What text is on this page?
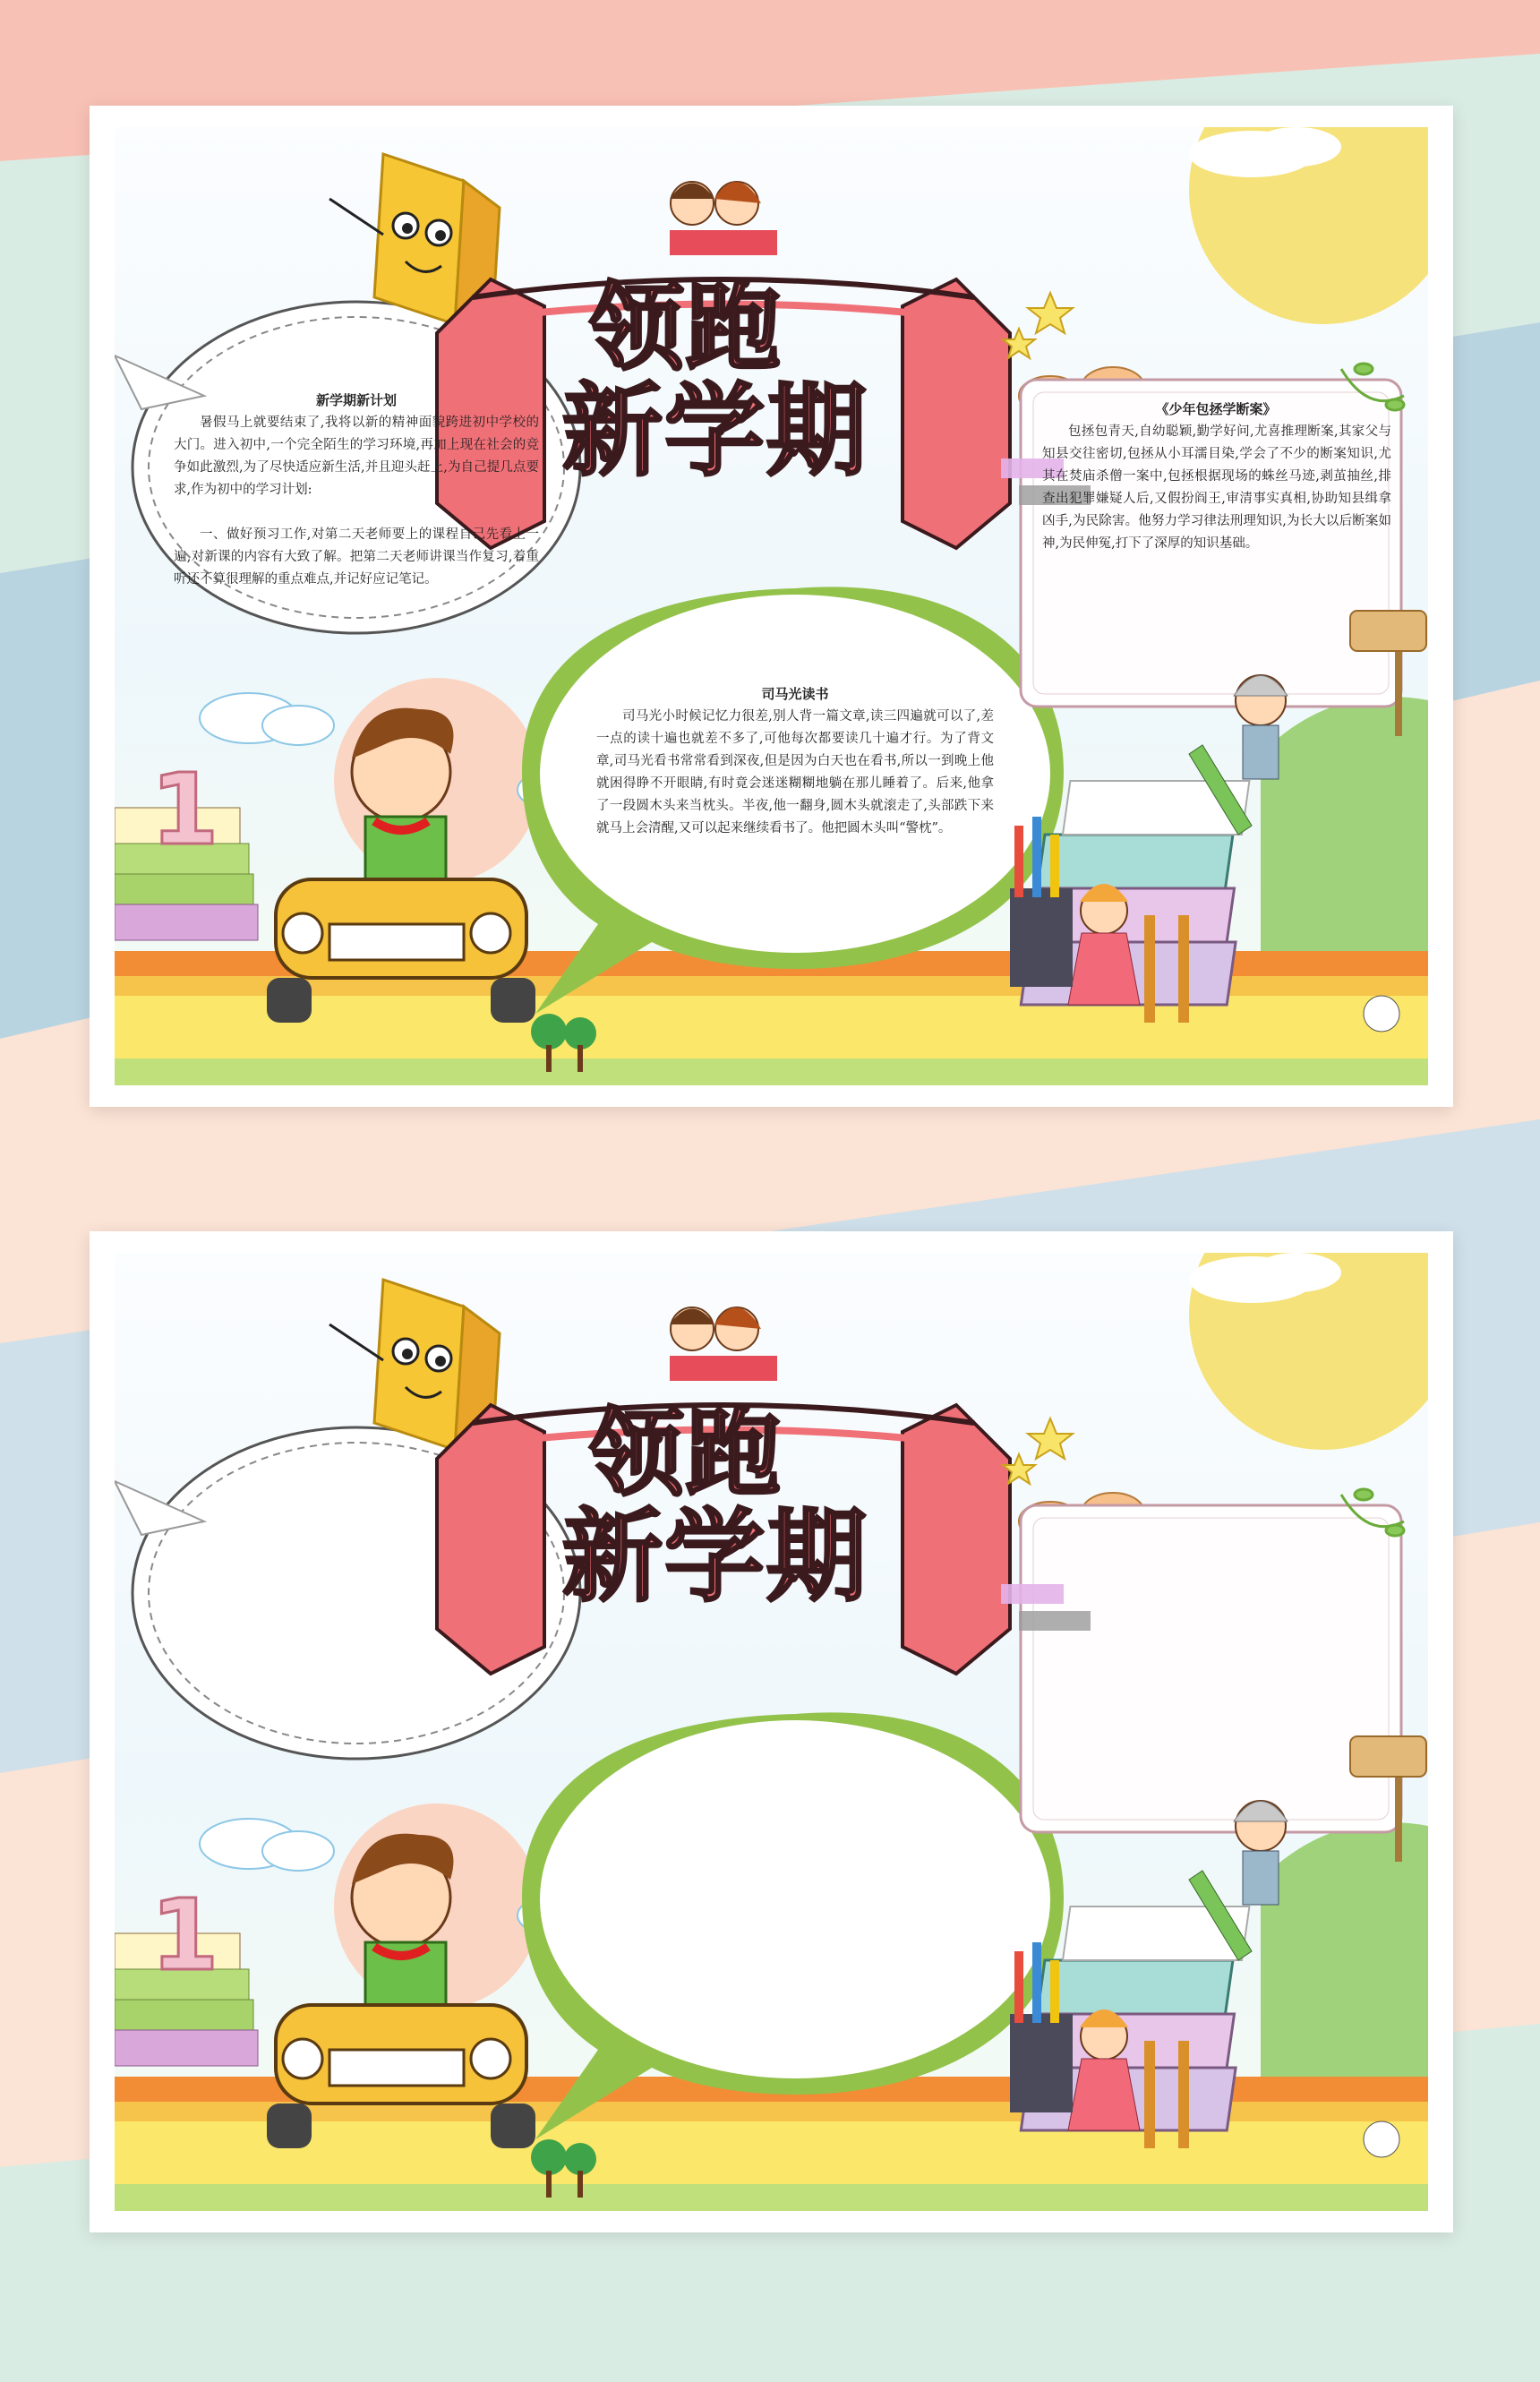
1
领跑
新学期
新学期新计划
暑假马上就要结束了,我将以新的精神面貌跨进初中学校的大门。进入初中,一个完全陌生的学习环境,再加上现在社会的竞争如此激烈,为了尽快适应新生活,并且迎头赶上,为自己提几点要求,作为初中的学习计划:
一、做好预习工作,对第二天老师要上的课程自己先看上一遍,对新课的内容有大致了解。把第二天老师讲课当作复习,着重听还不算很理解的重点难点,并记好应记笔记。
司马光读书
司马光小时候记忆力很差,别人背一篇文章,读三四遍就可以了,差一点的读十遍也就差不多了,可他每次都要读几十遍才行。为了背文章,司马光看书常常看到深夜,但是因为白天也在看书,所以一到晚上他就困得睁不开眼睛,有时竟会迷迷糊糊地躺在那儿睡着了。后来,他拿了一段圆木头来当枕头。半夜,他一翻身,圆木头就滚走了,头部跌下来就马上会清醒,又可以起来继续看书了。他把圆木头叫“警枕”。
《少年包拯学断案》
包拯包青天,自幼聪颖,勤学好问,尤喜推理断案,其家父与知县交往密切,包拯从小耳濡目染,学会了不少的断案知识,尤其在焚庙杀僧一案中,包拯根据现场的蛛丝马迹,剥茧抽丝,排查出犯罪嫌疑人后,又假扮阎王,审清事实真相,协助知县缉拿凶手,为民除害。他努力学习律法刑理知识,为长大以后断案如神,为民伸冤,打下了深厚的知识基础。
1
领跑
新学期
